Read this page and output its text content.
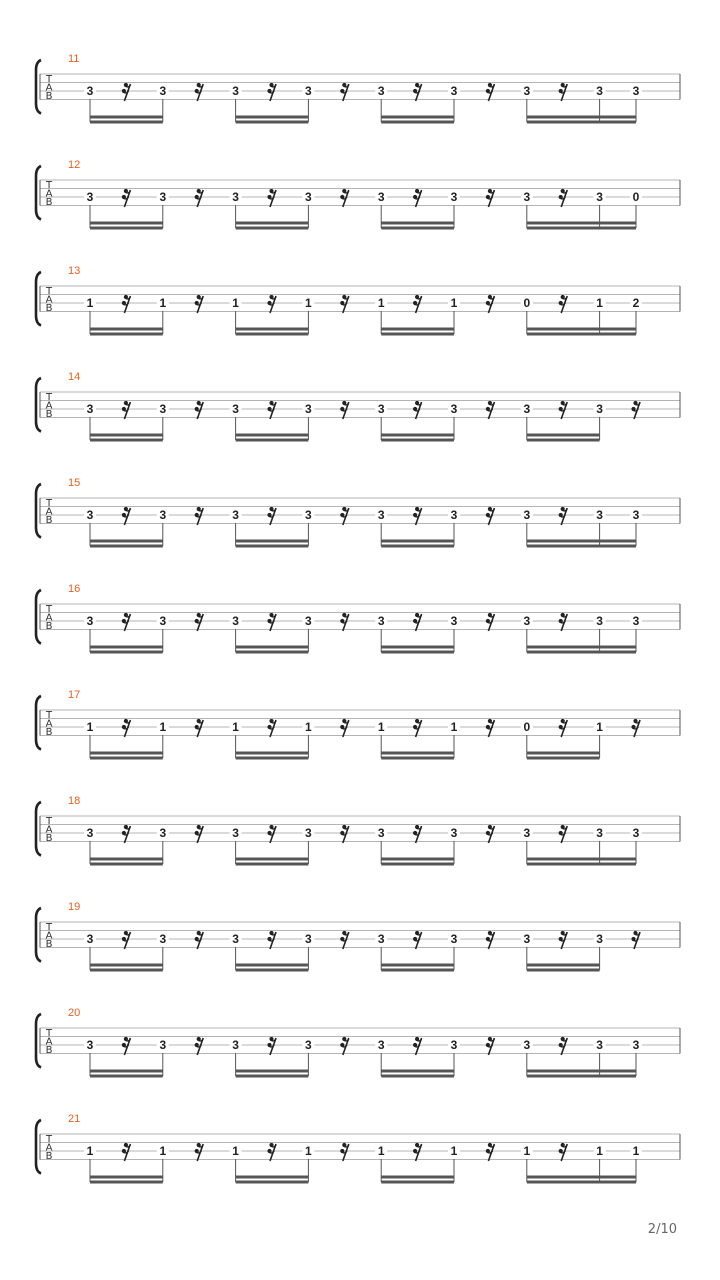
T
A
B
11
3	3	3	3	3	3	3	3 3
T
A
B
12
3	3	3	3	3	3	3	3 0
T
A
B
13
1	1	1	1	1	1	0	1 2
T
A
B
14
3	3	3	3	3	3	3	3
T
A
B
15
3	3	3	3	3	3	3	3 3
T
A
B
16
3	3	3	3	3	3	3	3 3
T
A
B
17
1	1	1	1	1	1	0	1
T
A
B
18
3	3	3	3	3	3	3	3 3
T
A
B
19
3	3	3	3	3	3	3	3
T
A
B
20
3	3	3	3	3	3	3	3 3
T
A
B
21
1	1	1	1	1	1	1	1 1
2/10
